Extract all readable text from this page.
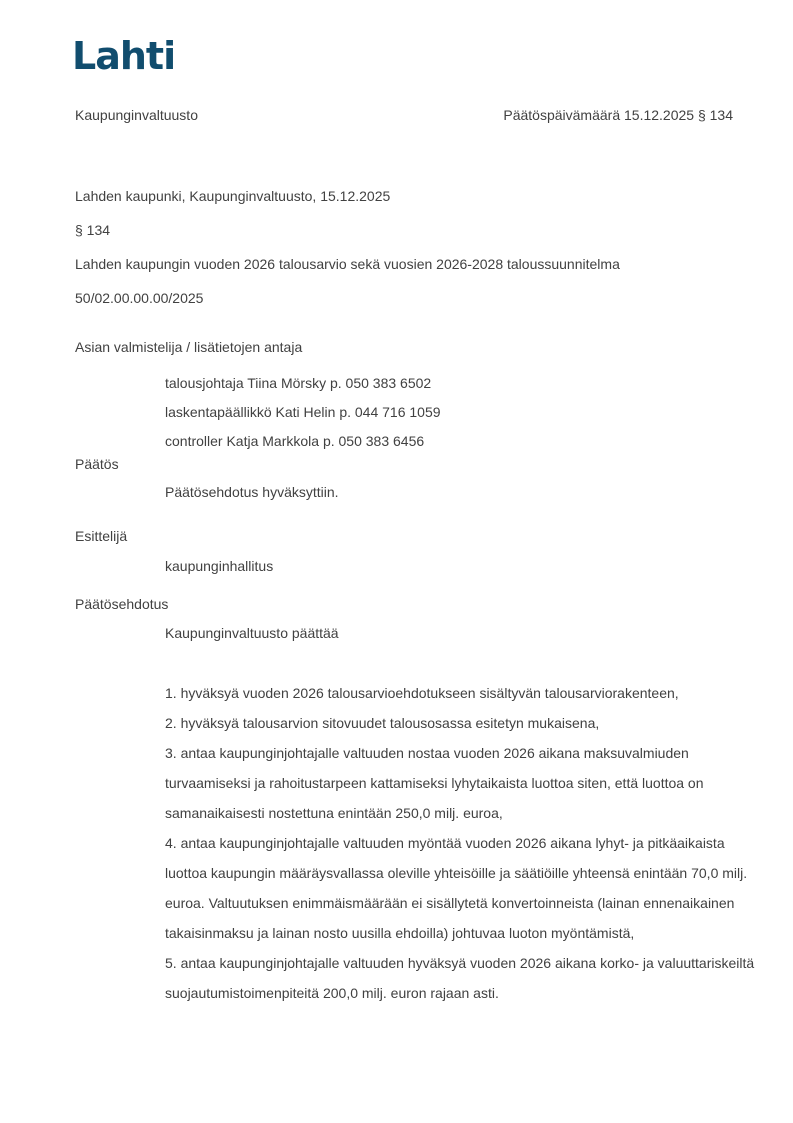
Lahti
Kaupunginvaltuusto	Päätöspäivämäärä 15.12.2025 § 134
Lahden kaupunki, Kaupunginvaltuusto, 15.12.2025
§ 134
Lahden kaupungin vuoden 2026 talousarvio sekä vuosien 2026-2028 taloussuunnitelma
50/02.00.00.00/2025
Asian valmistelija / lisätietojen antaja
talousjohtaja Tiina Mörsky p. 050 383 6502
laskentapäällikkö Kati Helin p. 044 716 1059
controller Katja Markkola p. 050 383 6456
Päätös
Päätösehdotus hyväksyttiin.
Esittelijä
kaupunginhallitus
Päätösehdotus
Kaupunginvaltuusto päättää

1. hyväksyä vuoden 2026 talousarvioehdotukseen sisältyvän talousarviorakenteen,

2. hyväksyä talousarvion sitovuudet talousosassa esitetyn mukaisena,

3. antaa kaupunginjohtajalle valtuuden nostaa vuoden 2026 aikana maksuvalmiuden turvaamiseksi ja rahoitustarpeen kattamiseksi lyhytaikaista luottoa siten, että luottoa on samanaikaisesti nostettuna enintään 250,0 milj. euroa,

4. antaa kaupunginjohtajalle valtuuden myöntää vuoden 2026 aikana lyhyt- ja pitkäaikaista luottoa kaupungin määräysvallassa oleville yhteisöille ja säätiöille yhteensä enintään 70,0 milj. euroa. Valtuutuksen enimmäismäärään ei sisällytetä konvertoinneista (lainan ennenaikainen takaisinmaksu ja lainan nosto uusilla ehdoilla) johtuvaa luoton myöntämistä,

5. antaa kaupunginjohtajalle valtuuden hyväksyä vuoden 2026 aikana korko- ja valuuttariskeiltä suojautumistoimenpiteitä 200,0 milj. euron rajaan asti.
